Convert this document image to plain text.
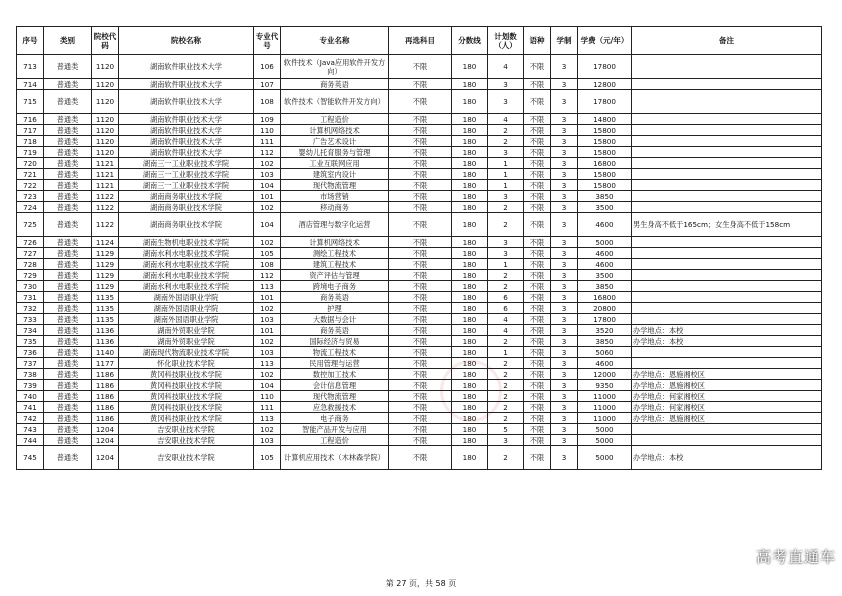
序号	类别	院校代码	院校名称	专业代号	专业名称	再选科目	分数线	计划数（人）	语种	学制	学费（元/年）	备注
713	普通类	1120	湖南软件职业技术大学	106	软件技术（Java应用软件开发方向）	不限	180	4	不限	3	17800	
714	普通类	1120	湖南软件职业技术大学	107	商务英语	不限	180	3	不限	3	12800	
715	普通类	1120	湖南软件职业技术大学	108	软件技术（智能软件开发方向）	不限	180	3	不限	3	17800	
716	普通类	1120	湖南软件职业技术大学	109	工程造价	不限	180	4	不限	3	14800	
717	普通类	1120	湖南软件职业技术大学	110	计算机网络技术	不限	180	2	不限	3	15800	
718	普通类	1120	湖南软件职业技术大学	111	广告艺术设计	不限	180	2	不限	3	15800	
719	普通类	1120	湖南软件职业技术大学	112	婴幼儿托育服务与管理	不限	180	3	不限	3	15800	
720	普通类	1121	湖南三一工业职业技术学院	102	工业互联网应用	不限	180	1	不限	3	16800	
721	普通类	1121	湖南三一工业职业技术学院	103	建筑室内设计	不限	180	1	不限	3	15800	
722	普通类	1121	湖南三一工业职业技术学院	104	现代物流管理	不限	180	1	不限	3	15800	
723	普通类	1122	湖南商务职业技术学院	101	市场营销	不限	180	3	不限	3	3850	
724	普通类	1122	湖南商务职业技术学院	102	移动商务	不限	180	2	不限	3	3500	
725	普通类	1122	湖南商务职业技术学院	104	酒店管理与数字化运营	不限	180	2	不限	3	4600	男生身高不低于165cm；女生身高不低于158cm
726	普通类	1124	湖南生物机电职业技术学院	102	计算机网络技术	不限	180	3	不限	3	5000	
727	普通类	1129	湖南水利水电职业技术学院	105	测绘工程技术	不限	180	3	不限	3	4600	
728	普通类	1129	湖南水利水电职业技术学院	108	建筑工程技术	不限	180	1	不限	3	4600	
729	普通类	1129	湖南水利水电职业技术学院	112	资产评估与管理	不限	180	2	不限	3	3500	
730	普通类	1129	湖南水利水电职业技术学院	113	跨境电子商务	不限	180	2	不限	3	3850	
731	普通类	1135	湖南外国语职业学院	101	商务英语	不限	180	6	不限	3	16800	
732	普通类	1135	湖南外国语职业学院	102	护理	不限	180	6	不限	3	20800	
733	普通类	1135	湖南外国语职业学院	103	大数据与会计	不限	180	4	不限	3	17800	
734	普通类	1136	湖南外贸职业学院	101	商务英语	不限	180	4	不限	3	3520	办学地点：本校
735	普通类	1136	湖南外贸职业学院	102	国际经济与贸易	不限	180	2	不限	3	3850	办学地点：本校
736	普通类	1140	湖南现代物流职业技术学院	103	物流工程技术	不限	180	1	不限	3	5060	
737	普通类	1177	怀化职业技术学院	113	民用管理与运营	不限	180	2	不限	3	4600	
738	普通类	1186	黄冈科技职业技术学院	102	数控加工技术	不限	180	2	不限	3	12000	办学地点：恩施湘校区
739	普通类	1186	黄冈科技职业技术学院	104	会计信息管理	不限	180	2	不限	3	9350	办学地点：恩施湘校区
740	普通类	1186	黄冈科技职业技术学院	110	现代物流管理	不限	180	2	不限	3	11000	办学地点：何家湘校区
741	普通类	1186	黄冈科技职业技术学院	111	应急救援技术	不限	180	2	不限	3	11000	办学地点：何家湘校区
742	普通类	1186	黄冈科技职业技术学院	113	电子商务	不限	180	2	不限	3	11000	办学地点：恩施湘校区
743	普通类	1204	吉安职业技术学院	102	智能产品开发与应用	不限	180	5	不限	3	5000	
744	普通类	1204	吉安职业技术学院	103	工程造价	不限	180	3	不限	3	5000	
745	普通类	1204	吉安职业技术学院	105	计算机应用技术（木林森学院）	不限	180	2	不限	3	5000	办学地点：本校
第 27 页，共 58 页
高考直通车
